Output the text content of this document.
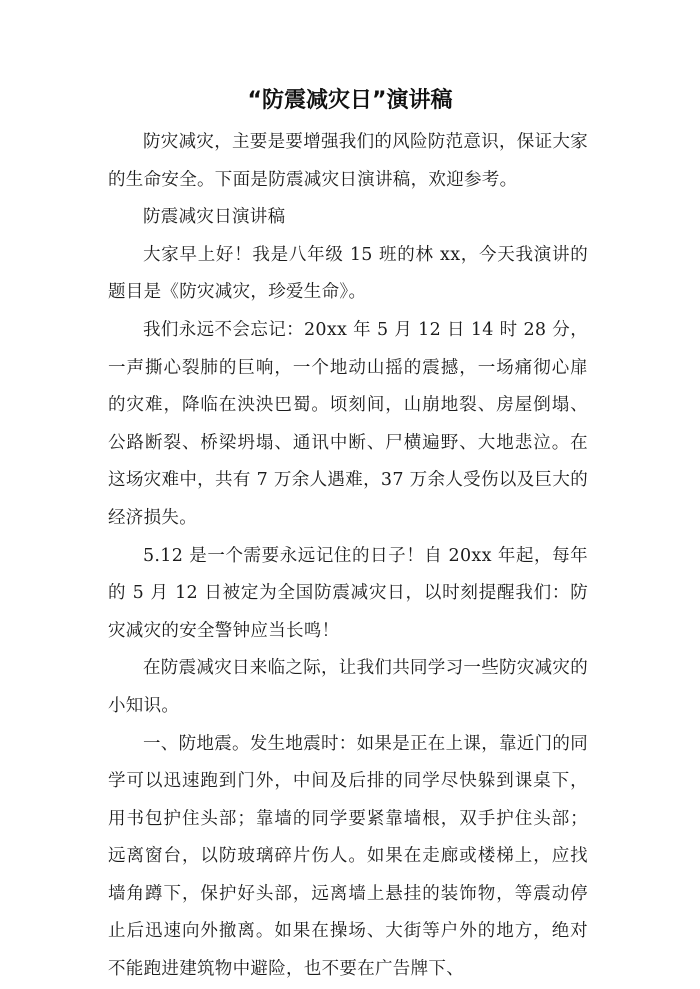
“防震减灾日”演讲稿

防灾减灾，主要是要增强我们的风险防范意识，保证大家的生命安全。下面是防震减灾日演讲稿，欢迎参考。

防震减灾日演讲稿

大家早上好！我是八年级 15 班的林 xx，今天我演讲的题目是《防灾减灾，珍爱生命》。

我们永远不会忘记：20xx 年 5 月 12 日 14 时 28 分，一声撕心裂肺的巨响，一个地动山摇的震撼，一场痛彻心扉的灾难，降临在泱泱巴蜀。顷刻间，山崩地裂、房屋倒塌、公路断裂、桥梁坍塌、通讯中断、尸横遍野、大地悲泣。在这场灾难中，共有 7 万余人遇难，37 万余人受伤以及巨大的经济损失。

5.12 是一个需要永远记住的日子！自 20xx 年起，每年的 5 月 12 日被定为全国防震减灾日，以时刻提醒我们：防灾减灾的安全警钟应当长鸣！

在防震减灾日来临之际，让我们共同学习一些防灾减灾的小知识。

一、防地震。发生地震时：如果是正在上课，靠近门的同学可以迅速跑到门外，中间及后排的同学尽快躲到课桌下，用书包护住头部；靠墙的同学要紧靠墙根，双手护住头部；远离窗台，以防玻璃碎片伤人。如果在走廊或楼梯上，应找墙角蹲下，保护好头部，远离墙上悬挂的装饰物，等震动停止后迅速向外撤离。如果在操场、大街等户外的地方，绝对不能跑进建筑物中避险，也不要在广告牌下、
